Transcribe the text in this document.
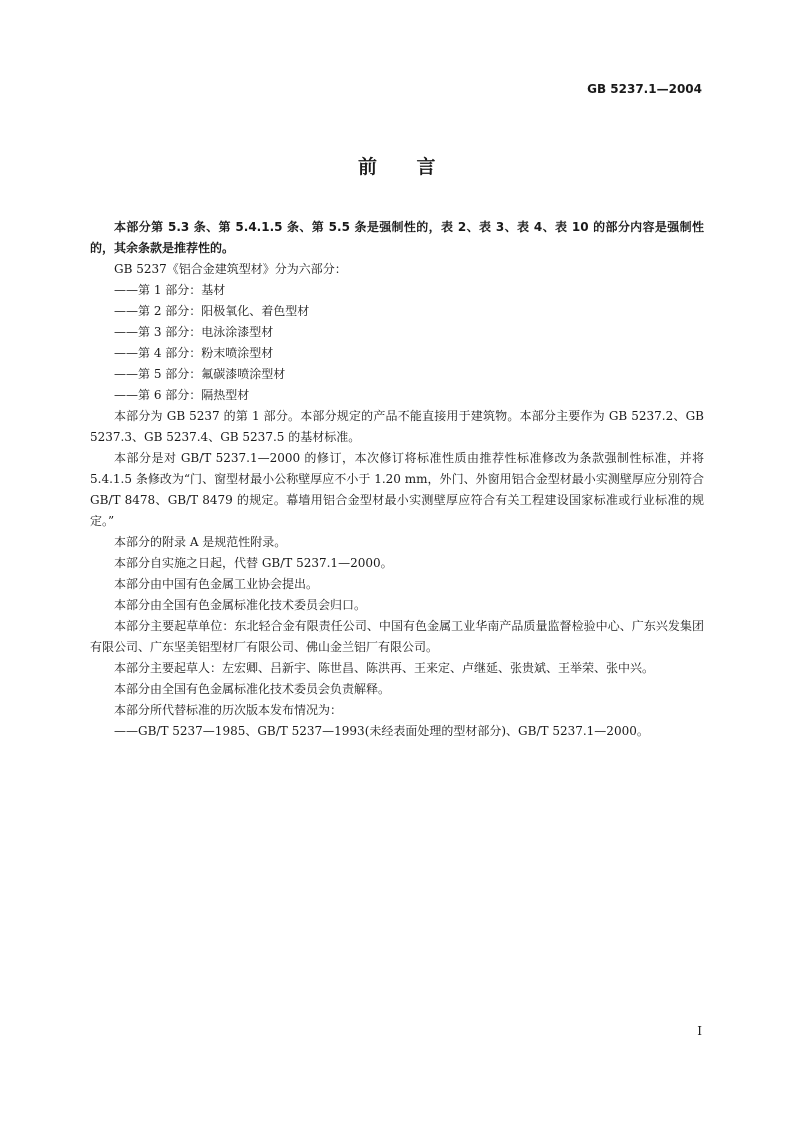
GB 5237.1—2004
前　　言

本部分第 5.3 条、第 5.4.1.5 条、第 5.5 条是强制性的，表 2、表 3、表 4、表 10 的部分内容是强制性的，其余条款是推荐性的。

GB 5237《铝合金建筑型材》分为六部分：

——第 1 部分：基材

——第 2 部分：阳极氧化、着色型材

——第 3 部分：电泳涂漆型材

——第 4 部分：粉末喷涂型材

——第 5 部分：氟碳漆喷涂型材

——第 6 部分：隔热型材

本部分为 GB 5237 的第 1 部分。本部分规定的产品不能直接用于建筑物。本部分主要作为 GB 5237.2、GB 5237.3、GB 5237.4、GB 5237.5 的基材标准。

本部分是对 GB/T 5237.1—2000 的修订，本次修订将标准性质由推荐性标准修改为条款强制性标准，并将 5.4.1.5 条修改为“门、窗型材最小公称壁厚应不小于 1.20 mm，外门、外窗用铝合金型材最小实测壁厚应分别符合 GB/T 8478、GB/T 8479 的规定。幕墙用铝合金型材最小实测壁厚应符合有关工程建设国家标准或行业标准的规定。”

本部分的附录 A 是规范性附录。

本部分自实施之日起，代替 GB/T 5237.1—2000。

本部分由中国有色金属工业协会提出。

本部分由全国有色金属标准化技术委员会归口。

本部分主要起草单位：东北轻合金有限责任公司、中国有色金属工业华南产品质量监督检验中心、广东兴发集团有限公司、广东坚美铝型材厂有限公司、佛山金兰铝厂有限公司。

本部分主要起草人：左宏卿、吕新宇、陈世昌、陈洪再、王来定、卢继延、张贵斌、王举荣、张中兴。

本部分由全国有色金属标准化技术委员会负责解释。

本部分所代替标准的历次版本发布情况为：

——GB/T 5237—1985、GB/T 5237—1993(未经表面处理的型材部分)、GB/T 5237.1—2000。

I
